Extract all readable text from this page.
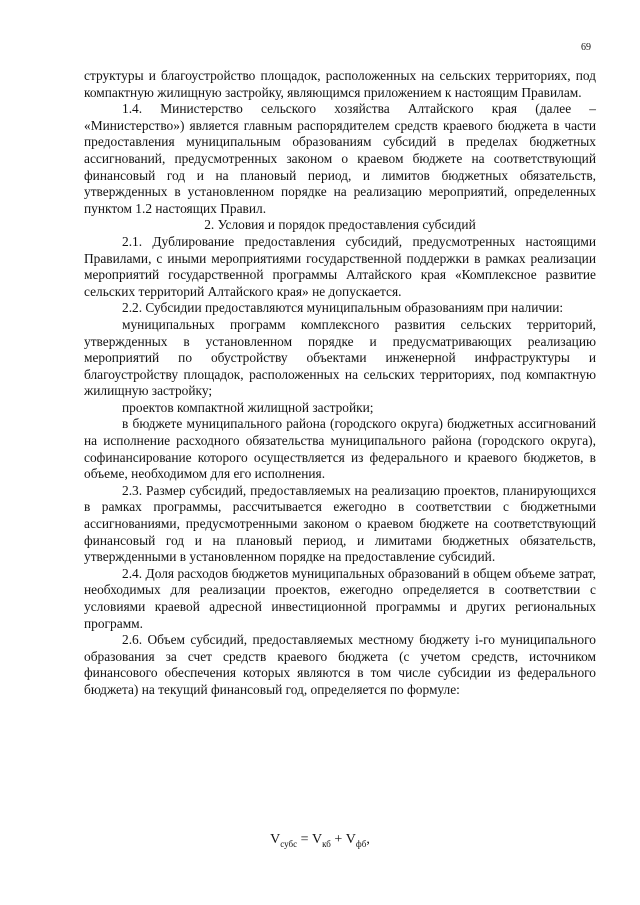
69

структуры и благоустройство площадок, расположенных на сельских территориях, под компактную жилищную застройку, являющимся приложением к настоящим Правилам.

1.4. Министерство сельского хозяйства Алтайского края (далее – «Министерство») является главным распорядителем средств краевого бюджета в части предоставления муниципальным образованиям субсидий в пределах бюджетных ассигнований, предусмотренных законом о краевом бюджете на соответствующий финансовый год и на плановый период, и лимитов бюджетных обязательств, утвержденных в установленном порядке на реализацию мероприятий, определенных пунктом 1.2 настоящих Правил.

2. Условия и порядок предоставления субсидий

2.1. Дублирование предоставления субсидий, предусмотренных настоящими Правилами, с иными мероприятиями государственной поддержки в рамках реализации мероприятий государственной программы Алтайского края «Комплексное развитие сельских территорий Алтайского края» не допускается.

2.2. Субсидии предоставляются муниципальным образованиям при наличии:

муниципальных программ комплексного развития сельских территорий, утвержденных в установленном порядке и предусматривающих реализацию мероприятий по обустройству объектами инженерной инфраструктуры и благоустройству площадок, расположенных на сельских территориях, под компактную жилищную застройку;

проектов компактной жилищной застройки;

в бюджете муниципального района (городского округа) бюджетных ассигнований на исполнение расходного обязательства муниципального района (городского округа), софинансирование которого осуществляется из федерального и краевого бюджетов, в объеме, необходимом для его исполнения.

2.3. Размер субсидий, предоставляемых на реализацию проектов, планирующихся в рамках программы, рассчитывается ежегодно в соответствии с бюджетными ассигнованиями, предусмотренными законом о краевом бюджете на соответствующий финансовый год и на плановый период, и лимитами бюджетных обязательств, утвержденными в установленном порядке на предоставление субсидий.

2.4. Доля расходов бюджетов муниципальных образований в общем объеме затрат, необходимых для реализации проектов, ежегодно определяется в соответствии с условиями краевой адресной инвестиционной программы и других региональных программ.

2.6. Объем субсидий, предоставляемых местному бюджету i-го муниципального образования за счет средств краевого бюджета (с учетом средств, источником финансового обеспечения которых являются в том числе субсидии из федерального бюджета) на текущий финансовый год, определяется по формуле:

$V_{субс} = V_{кб} + V_{фб}$,
